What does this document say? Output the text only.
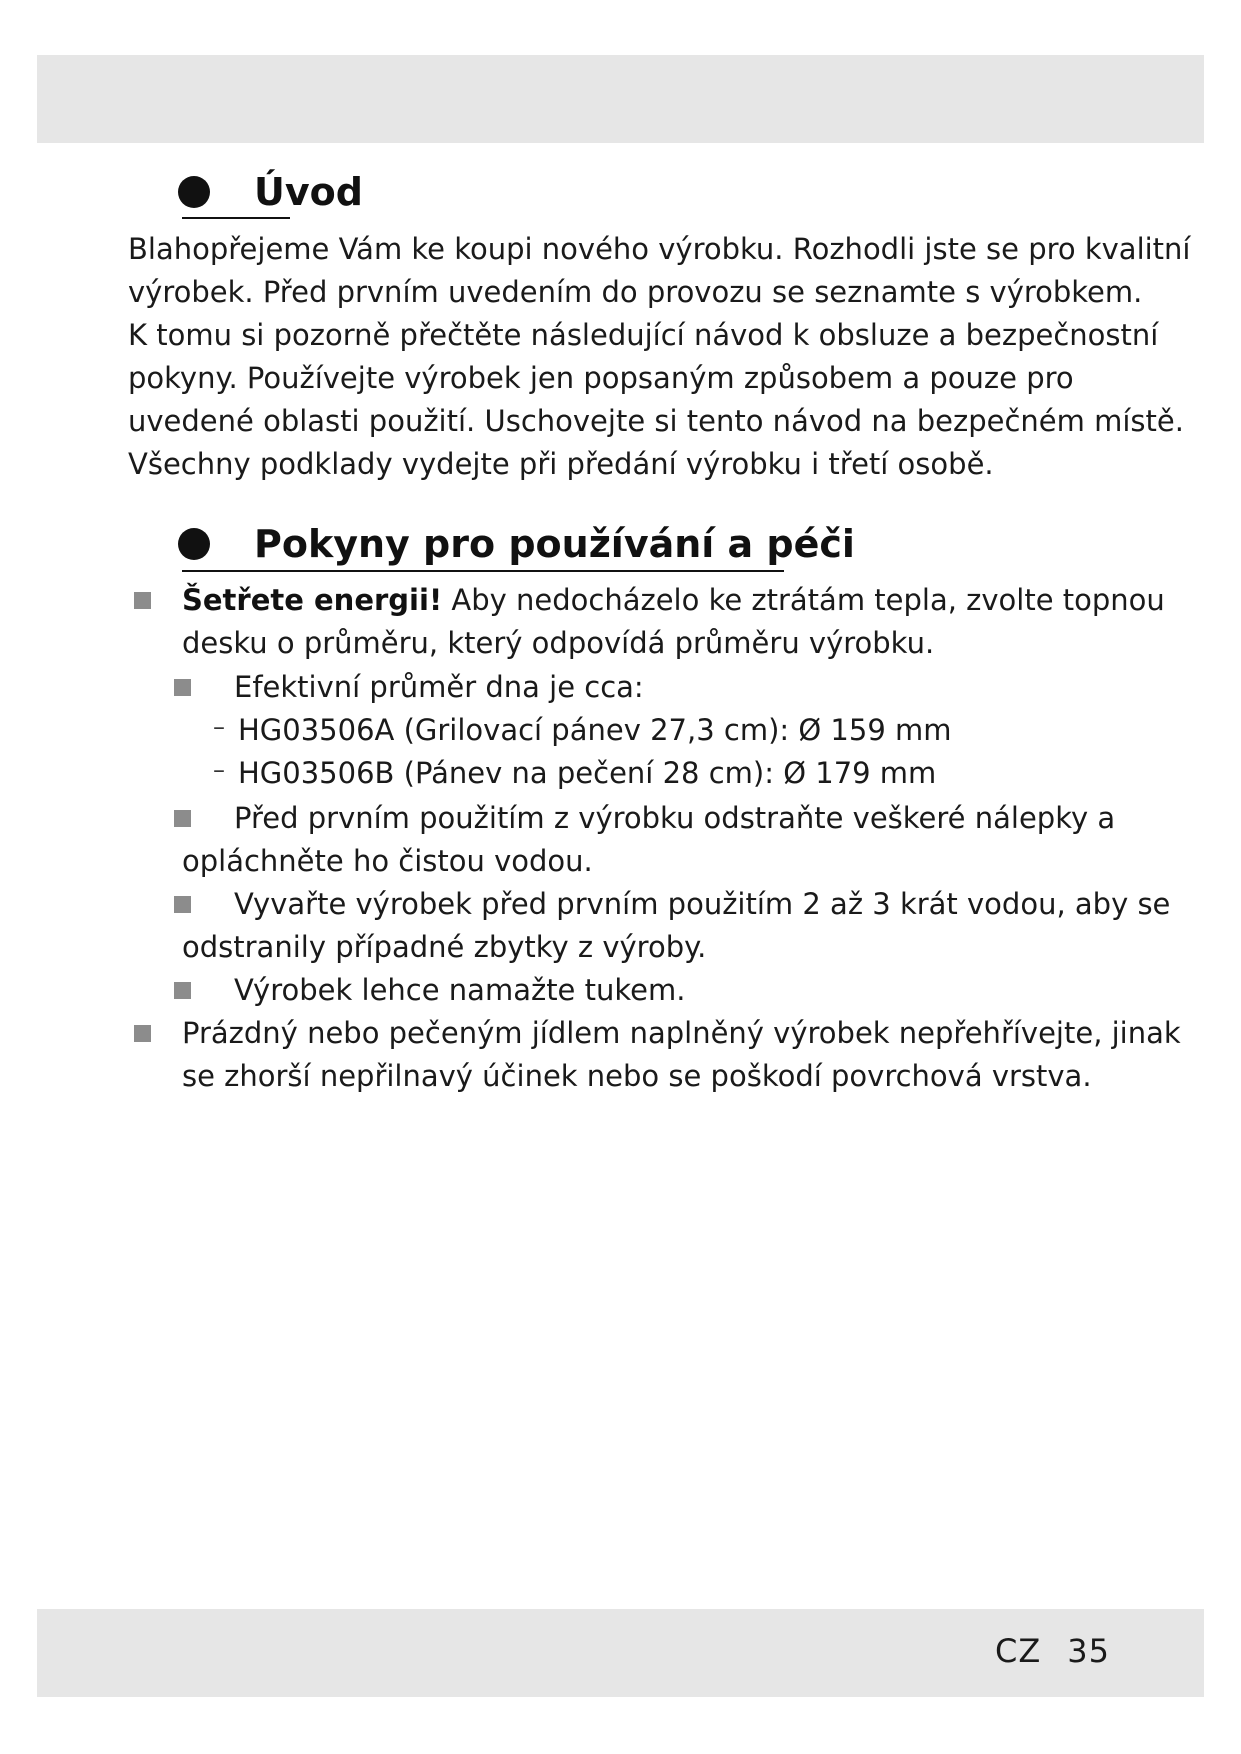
Úvod
Blahopřejeme Vám ke koupi nového výrobku. Rozhodli jste se pro kvalitní
výrobek. Před prvním uvedením do provozu se seznamte s výrobkem.
K tomu si pozorně přečtěte následující návod k obsluze a bezpečnostní
pokyny. Používejte výrobek jen popsaným způsobem a pouze pro
uvedené oblasti použití. Uschovejte si tento návod na bezpečném místě.
Všechny podklady vydejte při předání výrobku i třetí osobě.
Pokyny pro používání a péči
Šetřete energii! Aby nedocházelo ke ztrátám tepla, zvolte topnou
desku o průměru, který odpovídá průměru výrobku.
Efektivní průměr dna je cca:
– HG03506A (Grilovací pánev 27,3 cm): Ø 159 mm
– HG03506B (Pánev na pečení 28 cm): Ø 179 mm
Před prvním použitím z výrobku odstraňte veškeré nálepky a
opláchněte ho čistou vodou.
Vyvařte výrobek před prvním použitím 2 až 3 krát vodou, aby se
odstranily případné zbytky z výroby.
Výrobek lehce namažte tukem.
Prázdný nebo pečeným jídlem naplněný výrobek nepřehřívejte, jinak
se zhorší nepřilnavý účinek nebo se poškodí povrchová vrstva.
CZ 35
